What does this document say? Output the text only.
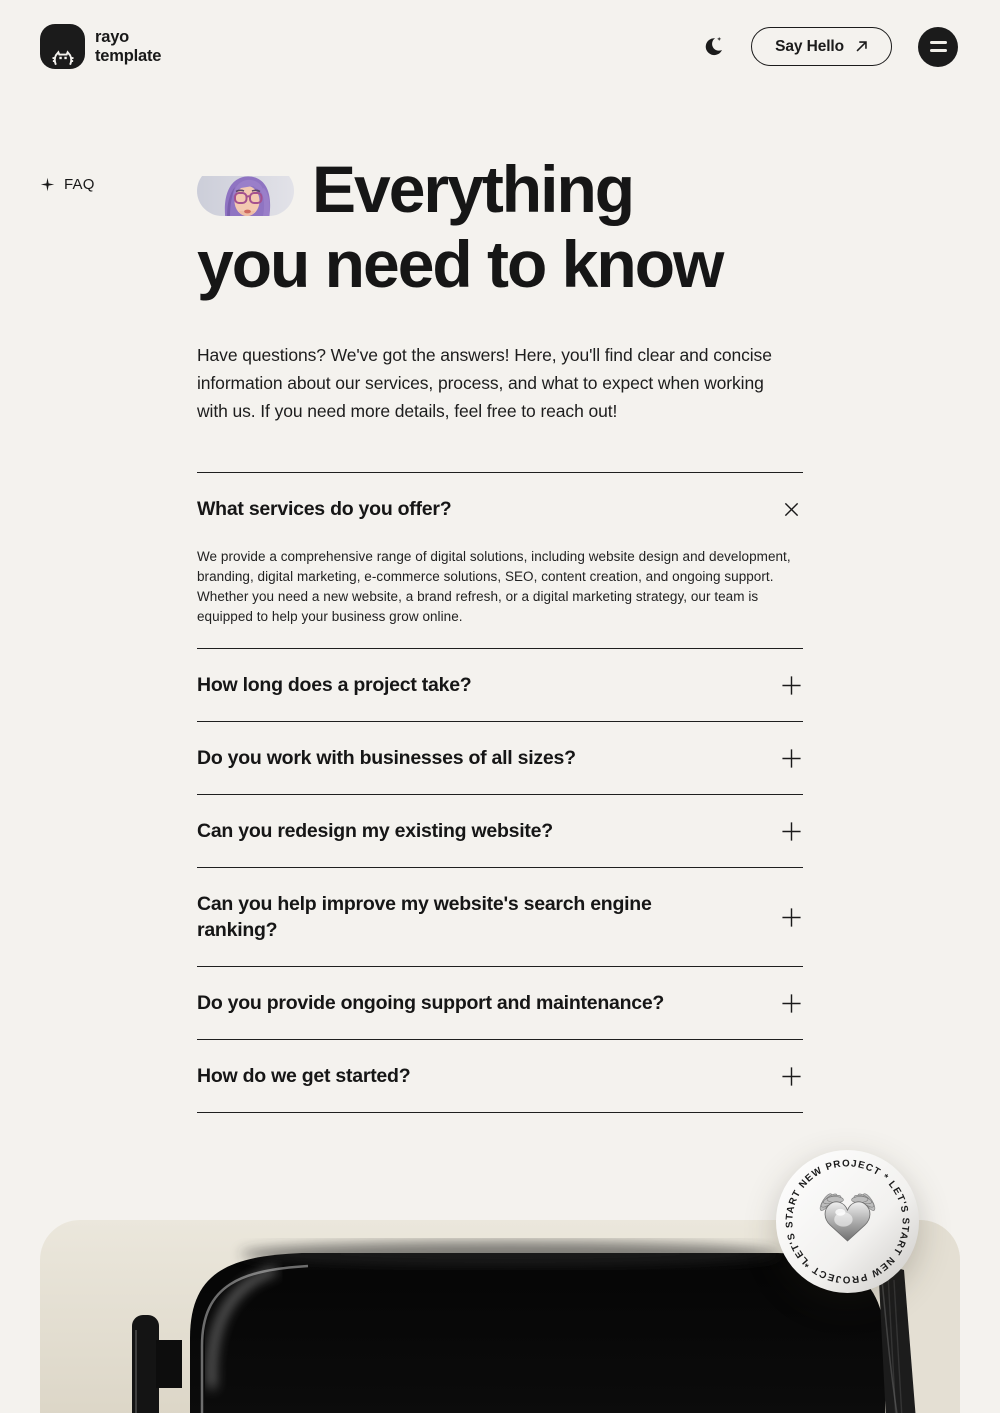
rayo
template
Say Hello
FAQ	Everything
you need to know

Have questions? We've got the answers! Here, you'll find clear and concise information about our services, process, and what to expect when working with us. If you need more details, feel free to reach out!

What services do you offer?

We provide a comprehensive range of digital solutions, including website design and development, branding, digital marketing, e-commerce solutions, SEO, content creation, and ongoing support. Whether you need a new website, a brand refresh, or a digital marketing strategy, our team is equipped to help your business grow online.

How long does a project take?
Do you work with businesses of all sizes?
Can you redesign my existing website?
Can you help improve my website's search engine ranking?
Do you provide ongoing support and maintenance?
How do we get started?
LET'S START NEW PROJECT * LET'S START NEW PROJECT *
